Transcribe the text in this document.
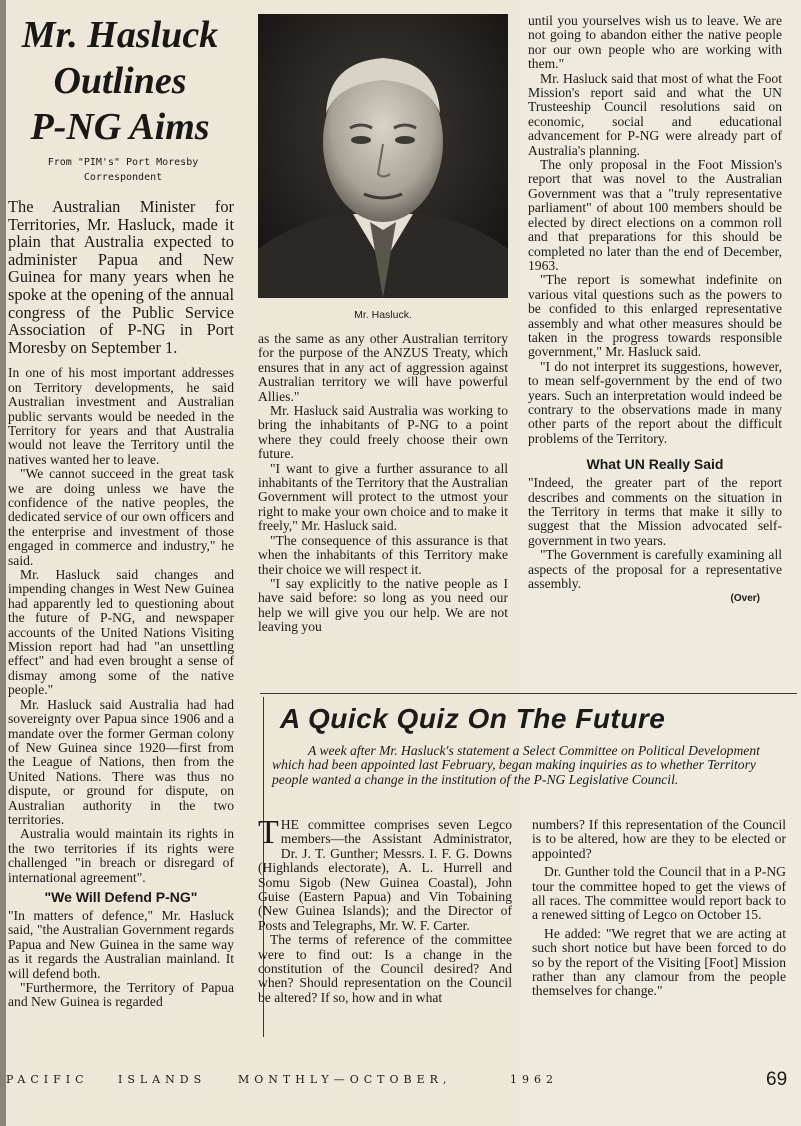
Mr. Hasluck
Outlines
P-NG Aims

From "PIM's" Port Moresby Correspondent

The Australian Minister for Territories, Mr. Hasluck, made it plain that Australia expected to administer Papua and New Guinea for many years when he spoke at the opening of the annual congress of the Public Service Association of P-NG in Port Moresby on September 1.

In one of his most important addresses on Territory developments, he said Australian investment and Australian public servants would be needed in the Territory for years and that Australia would not leave the Territory until the natives wanted her to leave.

"We cannot succeed in the great task we are doing unless we have the confidence of the native peoples, the dedicated service of our own officers and the enterprise and investment of those engaged in commerce and industry," he said.

Mr. Hasluck said changes and impending changes in West New Guinea had apparently led to questioning about the future of P-NG, and newspaper accounts of the United Nations Visiting Mission report had had "an unsettling effect" and had even brought a sense of dismay among some of the native people."

Mr. Hasluck said Australia had had sovereignty over Papua since 1906 and a mandate over the former German colony of New Guinea since 1920—first from the League of Nations, then from the United Nations. There was thus no dispute, or ground for dispute, on Australian authority in the two territories.

Australia would maintain its rights in the two territories if its rights were challenged "in breach or disregard of international agreement".

"We Will Defend P-NG"

"In matters of defence," Mr. Hasluck said, "the Australian Government regards Papua and New Guinea in the same way as it regards the Australian mainland. It will defend both.

"Furthermore, the Territory of Papua and New Guinea is regarded

Mr. Hasluck.

as the same as any other Australian territory for the purpose of the ANZUS Treaty, which ensures that in any act of aggression against Australian territory we will have powerful Allies."

Mr. Hasluck said Australia was working to bring the inhabitants of P-NG to a point where they could freely choose their own future.

"I want to give a further assurance to all inhabitants of the Territory that the Australian Government will protect to the utmost your right to make your own choice and to make it freely," Mr. Hasluck said.

"The consequence of this assurance is that when the inhabitants of this Territory make their choice we will respect it.

"I say explicitly to the native people as I have said before: so long as you need our help we will give you our help. We are not leaving you

until you yourselves wish us to leave. We are not going to abandon either the native people nor our own people who are working with them."

Mr. Hasluck said that most of what the Foot Mission's report said and what the UN Trusteeship Council resolutions said on economic, social and educational advancement for P-NG were already part of Australia's planning.

The only proposal in the Foot Mission's report that was novel to the Australian Government was that a "truly representative parliament" of about 100 members should be elected by direct elections on a common roll and that preparations for this should be completed no later than the end of December, 1963.

"The report is somewhat indefinite on various vital questions such as the powers to be confided to this enlarged representative assembly and what other measures should be taken in the progress towards responsible government," Mr. Hasluck said.

"I do not interpret its suggestions, however, to mean self-government by the end of two years. Such an interpretation would indeed be contrary to the observations made in many other parts of the report about the difficult problems of the Territory.

What UN Really Said

"Indeed, the greater part of the report describes and comments on the situation in the Territory in terms that make it silly to suggest that the Mission advocated self-government in two years.

"The Government is carefully examining all aspects of the proposal for a representative assembly.

(Over)

A Quick Quiz On The Future

A week after Mr. Hasluck's statement a Select Committee on Political Development which had been appointed last February, began making inquiries as to whether Territory people wanted a change in the institution of the P-NG Legislative Council.

THE committee comprises seven Legco members—the Assistant Administrator, Dr. J. T. Gunther; Messrs. I. F. G. Downs (Highlands electorate), A. L. Hurrell and Somu Sigob (New Guinea Coastal), John Guise (Eastern Papua) and Vin Tobaining (New Guinea Islands); and the Director of Posts and Telegraphs, Mr. W. F. Carter.

The terms of reference of the committee were to find out: Is a change in the constitution of the Council desired? And when? Should representation on the Council be altered? If so, how and in what

numbers? If this representation of the Council is to be altered, how are they to be elected or appointed?

Dr. Gunther told the Council that in a P-NG tour the committee hoped to get the views of all races. The committee would report back to a renewed sitting of Legco on October 15.

He added: "We regret that we are acting at such short notice but have been forced to do so by the report of the Visiting [Foot] Mission rather than any clamour from the people themselves for change."

PACIFIC	ISLANDS	MONTHLY—OCTOBER,	1962	69
